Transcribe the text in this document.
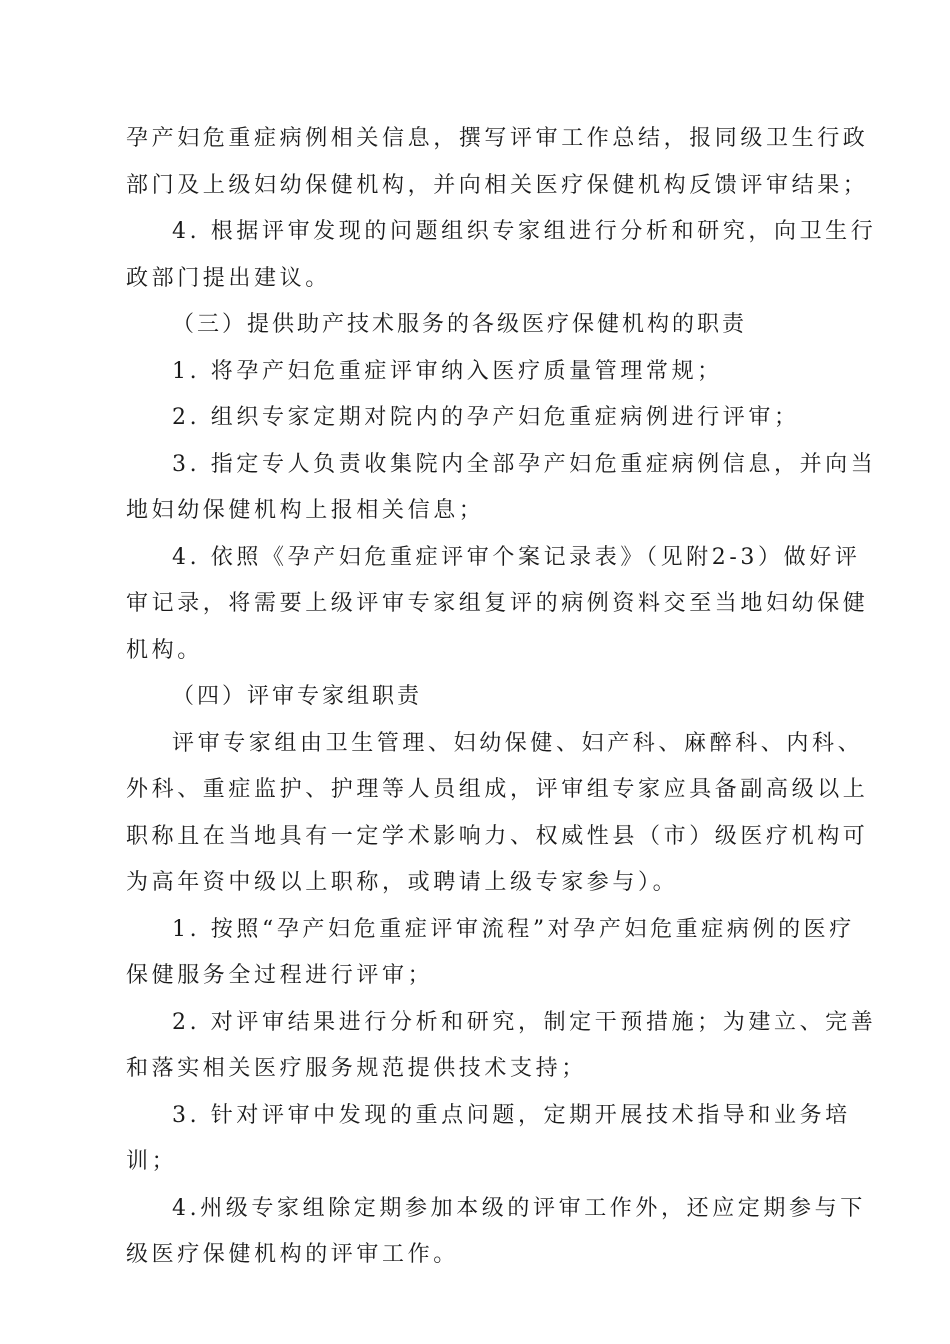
孕产妇危重症病例相关信息，撰写评审工作总结，报同级卫生行政
部门及上级妇幼保健机构，并向相关医疗保健机构反馈评审结果；
4. 根据评审发现的问题组织专家组进行分析和研究，向卫生行
政部门提出建议。
（三）提供助产技术服务的各级医疗保健机构的职责
1. 将孕产妇危重症评审纳入医疗质量管理常规；
2. 组织专家定期对院内的孕产妇危重症病例进行评审；
3. 指定专人负责收集院内全部孕产妇危重症病例信息，并向当
地妇幼保健机构上报相关信息；
4. 依照《孕产妇危重症评审个案记录表》（见附2-3）做好评
审记录，将需要上级评审专家组复评的病例资料交至当地妇幼保健
机构。
（四）评审专家组职责
评审专家组由卫生管理、妇幼保健、妇产科、麻醉科、内科、
外科、重症监护、护理等人员组成，评审组专家应具备副高级以上
职称且在当地具有一定学术影响力、权威性县（市）级医疗机构可
为高年资中级以上职称，或聘请上级专家参与）。
1. 按照“孕产妇危重症评审流程”对孕产妇危重症病例的医疗
保健服务全过程进行评审；
2. 对评审结果进行分析和研究，制定干预措施；为建立、完善
和落实相关医疗服务规范提供技术支持；
3. 针对评审中发现的重点问题，定期开展技术指导和业务培
训；
4.州级专家组除定期参加本级的评审工作外，还应定期参与下
级医疗保健机构的评审工作。
